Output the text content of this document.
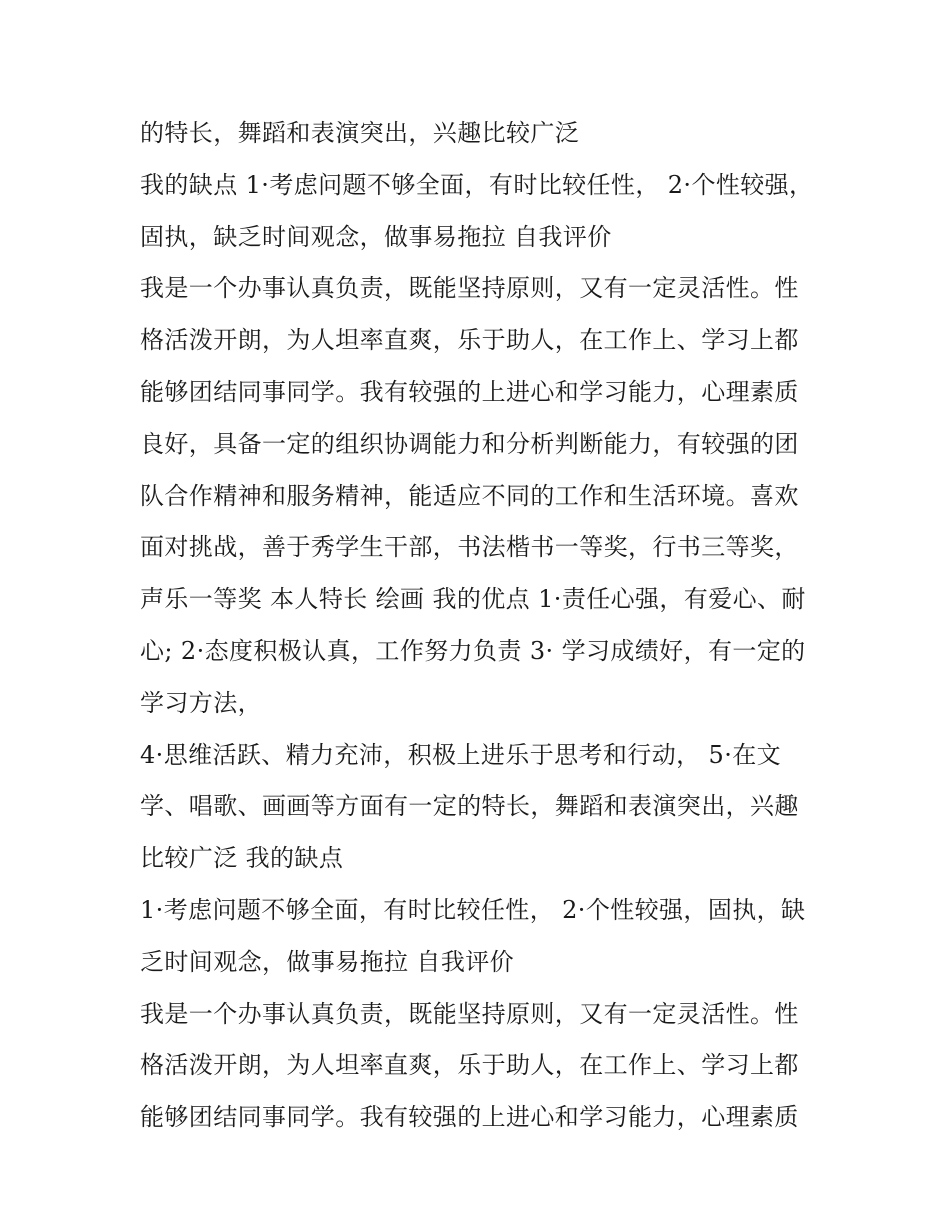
的特长，舞蹈和表演突出，兴趣比较广泛
我的缺点 1·考虑问题不够全面，有时比较任性， 2·个性较强，
固执，缺乏时间观念，做事易拖拉 自我评价
我是一个办事认真负责，既能坚持原则，又有一定灵活性。性
格活泼开朗，为人坦率直爽，乐于助人，在工作上、学习上都
能够团结同事同学。我有较强的上进心和学习能力，心理素质
良好，具备一定的组织协调能力和分析判断能力，有较强的团
队合作精神和服务精神，能适应不同的工作和生活环境。喜欢
面对挑战，善于秀学生干部，书法楷书一等奖，行书三等奖，
声乐一等奖 本人特长 绘画 我的优点 1·责任心强，有爱心、耐
心; 2·态度积极认真，工作努力负责 3· 学习成绩好，有一定的
学习方法，
4·思维活跃、精力充沛，积极上进乐于思考和行动， 5·在文
学、唱歌、画画等方面有一定的特长，舞蹈和表演突出，兴趣
比较广泛 我的缺点
1·考虑问题不够全面，有时比较任性， 2·个性较强，固执，缺
乏时间观念，做事易拖拉 自我评价
我是一个办事认真负责，既能坚持原则，又有一定灵活性。性
格活泼开朗，为人坦率直爽，乐于助人，在工作上、学习上都
能够团结同事同学。我有较强的上进心和学习能力，心理素质
